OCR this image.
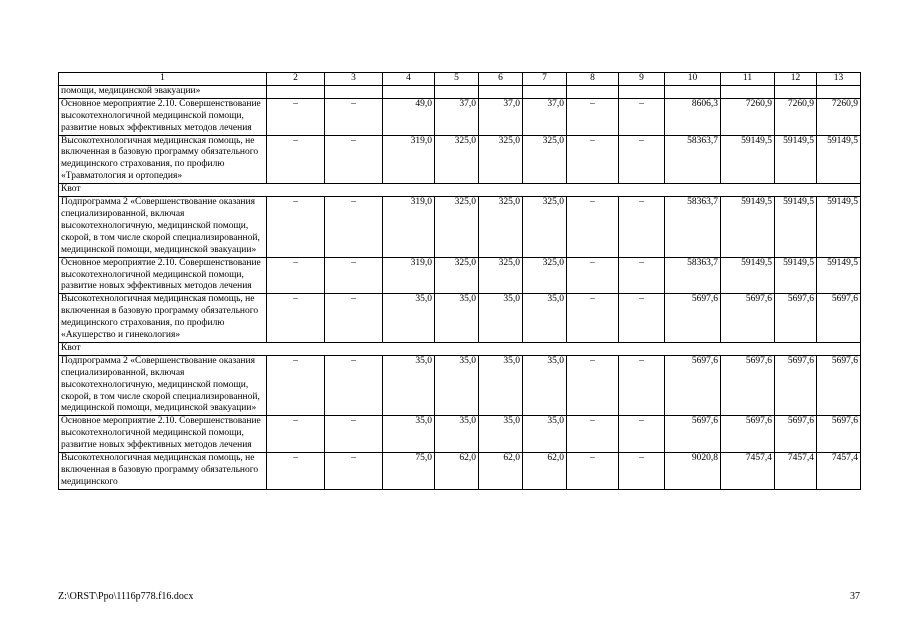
1	2	3	4	5	6	7	8	9	10	11	12	13
помощи, медицинской эвакуации»												
Основное мероприятие 2.10. Совершенствование высокотехнологичной медицинской помощи, развитие новых эффективных методов лечения	–	–	49,0	37,0	37,0	37,0	–	–	8606,3	7260,9	7260,9	7260,9
Высокотехнологичная медицинская помощь, не включенная в базовую программу обязательного медицинского страхования, по профилю «Травматология и ортопедия»	–	–	319,0	325,0	325,0	325,0	–	–	58363,7	59149,5	59149,5	59149,5
Квот												
Подпрограмма 2 «Совершенствование оказания специализированной, включая высокотехнологичную, медицинской помощи, скорой, в том числе скорой специализированной, медицинской помощи, медицинской эвакуации»	–	–	319,0	325,0	325,0	325,0	–	–	58363,7	59149,5	59149,5	59149,5
Основное мероприятие 2.10. Совершенствование высокотехнологичной медицинской помощи, развитие новых эффективных методов лечения	–	–	319,0	325,0	325,0	325,0	–	–	58363,7	59149,5	59149,5	59149,5
Высокотехнологичная медицинская помощь, не включенная в базовую программу обязательного медицинского страхования, по профилю «Акушерство и гинекология»	–	–	35,0	35,0	35,0	35,0	–	–	5697,6	5697,6	5697,6	5697,6
Квот												
Подпрограмма 2 «Совершенствование оказания специализированной, включая высокотехнологичную, медицинской помощи, скорой, в том числе скорой специализированной, медицинской помощи, медицинской эвакуации»	–	–	35,0	35,0	35,0	35,0	–	–	5697,6	5697,6	5697,6	5697,6
Основное мероприятие 2.10. Совершенствование высокотехнологичной медицинской помощи, развитие новых эффективных методов лечения	–	–	35,0	35,0	35,0	35,0	–	–	5697,6	5697,6	5697,6	5697,6
Высокотехнологичная медицинская помощь, не включенная в базовую программу обязательного медицинского	–	–	75,0	62,0	62,0	62,0	–	–	9020,8	7457,4	7457,4	7457,4
Z:\ORST\Ppo\1116p778.f16.docx	37
